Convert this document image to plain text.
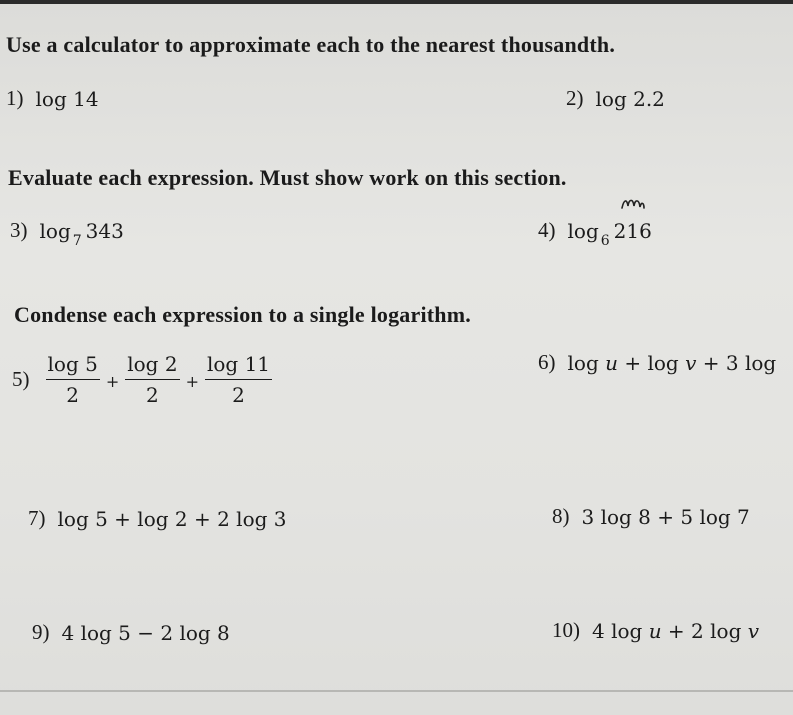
Use a calculator to approximate each to the nearest thousandth.
1) log 14	2) log 2.2
Evaluate each expression. Must show work on this section.
3) log $_7$ 343	4) log $_6$ 216
Condense each expression to a single logarithm.
$5) \frac{\log 5}{2} + \frac{\log 2}{2} + \frac{\log 11}{2}$	6) log u + log v + 3 log
7) log 5 + log 2 + 2 log 3	8) 3 log 8 + 5 log 7
9) 4 log 5 − 2 log 8	10) 4 log u + 2 log v
